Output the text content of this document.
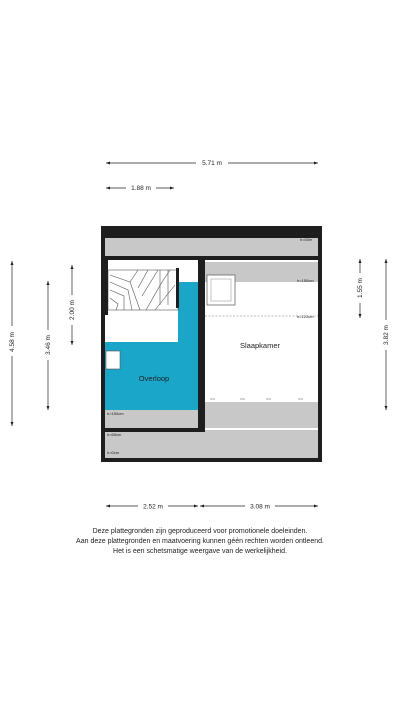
5.71 m
1.88 m
4.58 m	3.46 m
2.00 m
1.55 m
3.82 m
2.52 m	3.08 m
Overloop
Slaapkamer
h=00m
h=150cm
h=122cm
h=150cm
h=65cm
h=0cm
Deze plattegronden zijn geproduceerd voor promotionele doeleinden.
Aan deze plattegronden en maatvoering kunnen géén rechten worden ontleend.
Het is een schetsmatige weergave van de werkelijkheid.
